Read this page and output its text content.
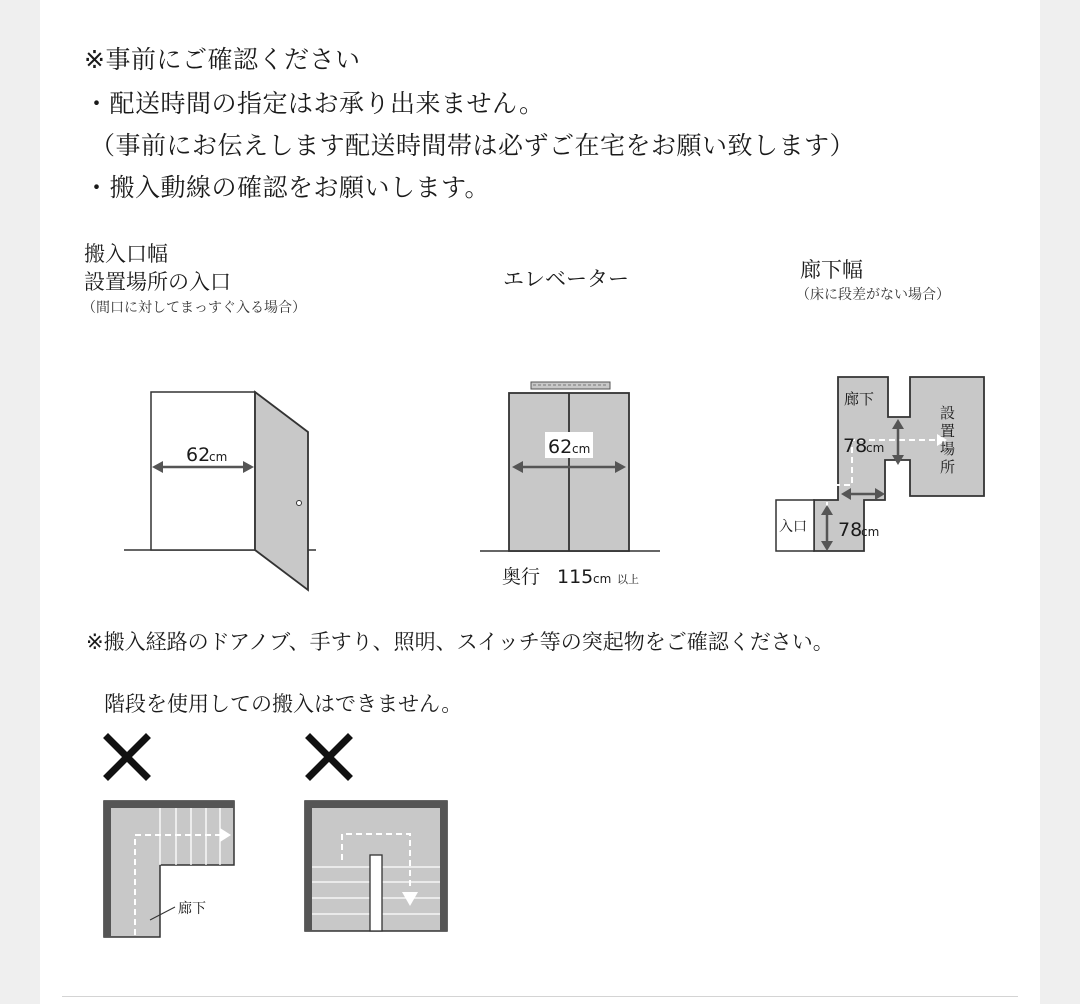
※事前にご確認ください
・配送時間の指定はお承り出来ません。
（事前にお伝えします配送時間帯は必ずご在宅をお願い致します）
・搬入動線の確認をお願いします。
搬入口幅
設置場所の入口
（間口に対してまっすぐ入る場合）
エレベーター	廊下幅
（床に段差がない場合）
62
cm	62 cm
奥行 115 cm 以上
廊下
78
cm
78
cm
入口
設
置
場
所
※搬入経路のドアノブ、手すり、照明、スイッチ等の突起物をご確認ください。
階段を使用しての搬入はできません。
廊下
